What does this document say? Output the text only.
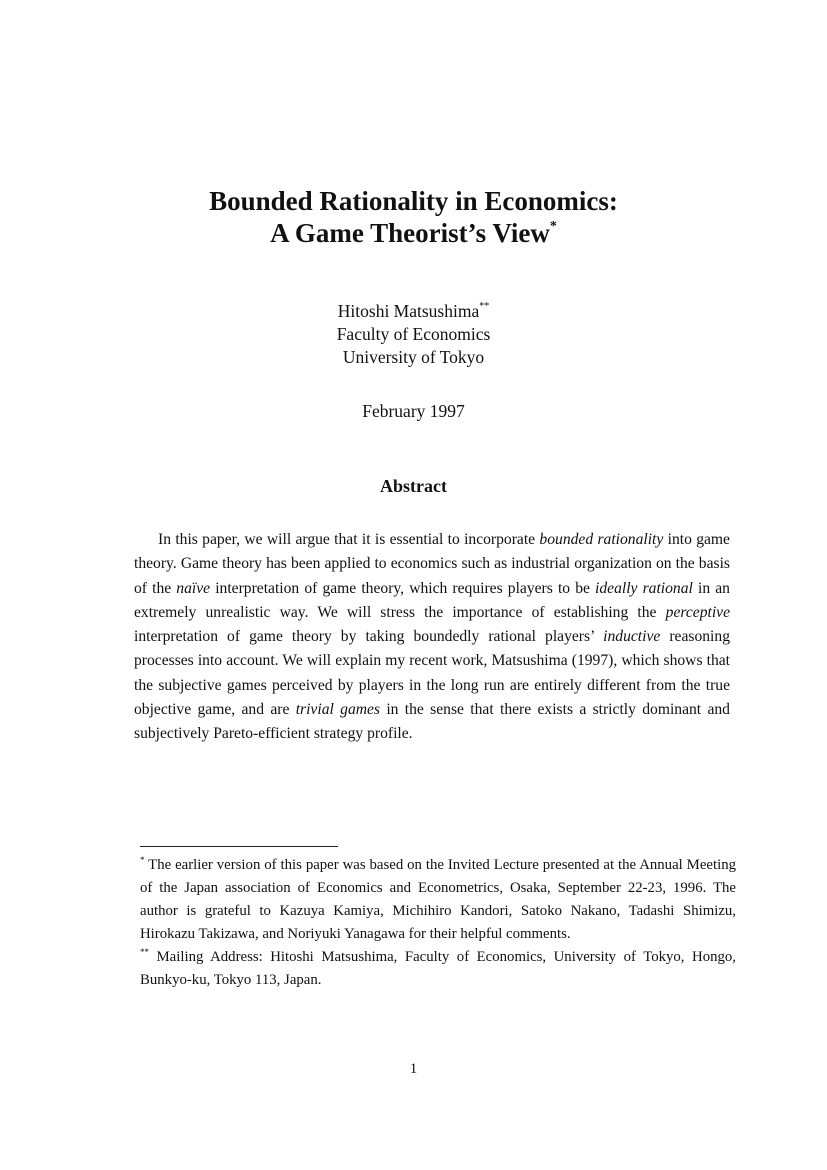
Bounded Rationality in Economics:
A Game Theorist’s View*
Hitoshi Matsushima**
Faculty of Economics
University of Tokyo
February 1997
Abstract

In this paper, we will argue that it is essential to incorporate bounded rationality into game theory. Game theory has been applied to economics such as industrial organization on the basis of the naïve interpretation of game theory, which requires players to be ideally rational in an extremely unrealistic way. We will stress the importance of establishing the perceptive interpretation of game theory by taking boundedly rational players’ inductive reasoning processes into account. We will explain my recent work, Matsushima (1997), which shows that the subjective games perceived by players in the long run are entirely different from the true objective game, and are trivial games in the sense that there exists a strictly dominant and subjectively Pareto-efficient strategy profile.

* The earlier version of this paper was based on the Invited Lecture presented at the Annual Meeting of the Japan association of Economics and Econometrics, Osaka, September 22-23, 1996. The author is grateful to Kazuya Kamiya, Michihiro Kandori, Satoko Nakano, Tadashi Shimizu, Hirokazu Takizawa, and Noriyuki Yanagawa for their helpful comments.

** Mailing Address: Hitoshi Matsushima, Faculty of Economics, University of Tokyo, Hongo, Bunkyo-ku, Tokyo 113, Japan.

1
